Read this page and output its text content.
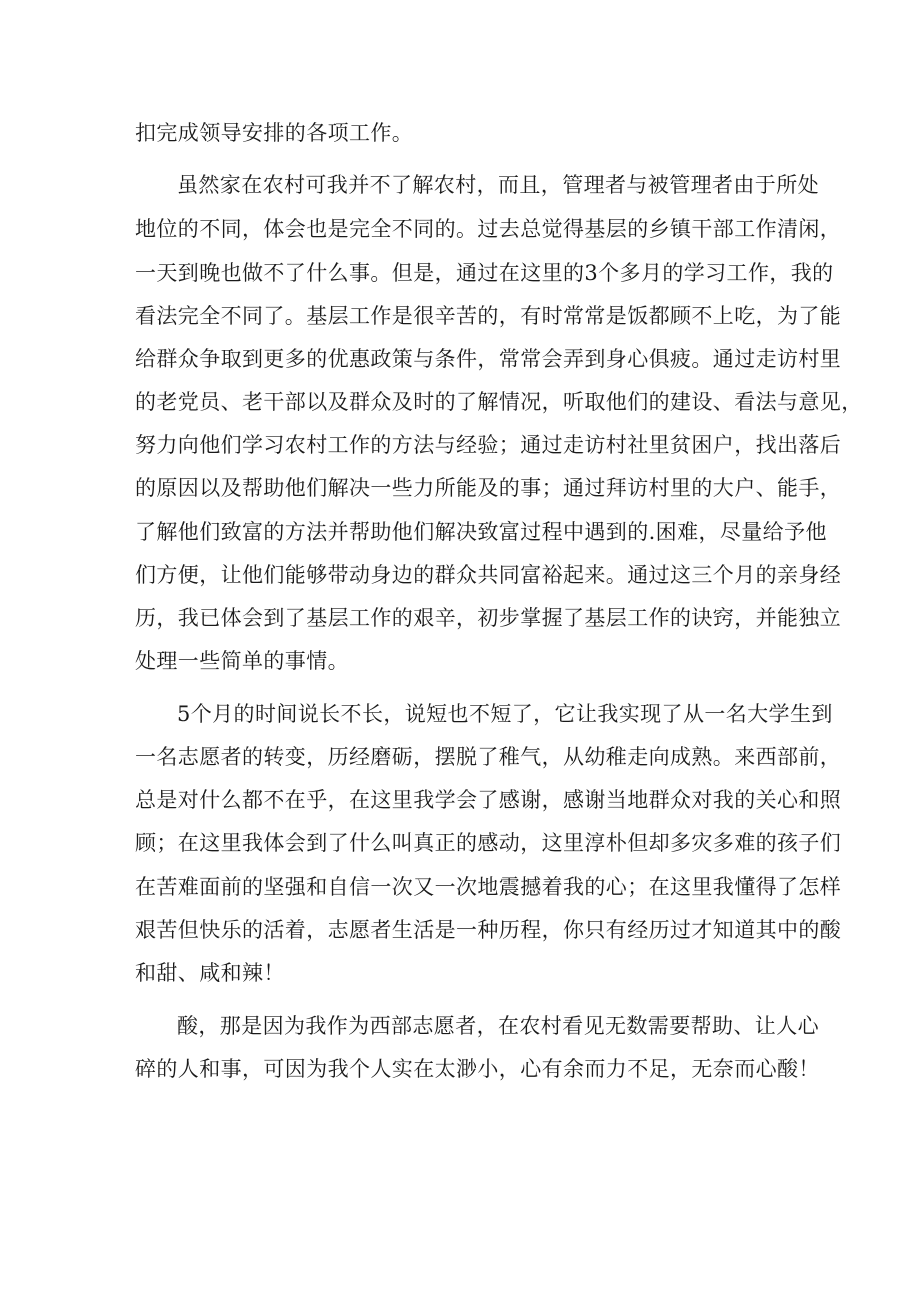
扣完成领导安排的各项工作。
虽然家在农村可我并不了解农村，而且，管理者与被管理者由于所处
地位的不同，体会也是完全不同的。过去总觉得基层的乡镇干部工作清闲，
一天到晚也做不了什么事。但是，通过在这里的3个多月的学习工作，我的
看法完全不同了。基层工作是很辛苦的，有时常常是饭都顾不上吃，为了能
给群众争取到更多的优惠政策与条件，常常会弄到身心俱疲。通过走访村里
的老党员、老干部以及群众及时的了解情况，听取他们的建设、看法与意见，
努力向他们学习农村工作的方法与经验；通过走访村社里贫困户，找出落后
的原因以及帮助他们解决一些力所能及的事；通过拜访村里的大户、能手，
了解他们致富的方法并帮助他们解决致富过程中遇到的.困难，尽量给予他
们方便，让他们能够带动身边的群众共同富裕起来。通过这三个月的亲身经
历，我已体会到了基层工作的艰辛，初步掌握了基层工作的诀窍，并能独立
处理一些简单的事情。
5个月的时间说长不长，说短也不短了，它让我实现了从一名大学生到
一名志愿者的转变，历经磨砺，摆脱了稚气，从幼稚走向成熟。来西部前，
总是对什么都不在乎，在这里我学会了感谢，感谢当地群众对我的关心和照
顾；在这里我体会到了什么叫真正的感动，这里淳朴但却多灾多难的孩子们
在苦难面前的坚强和自信一次又一次地震撼着我的心；在这里我懂得了怎样
艰苦但快乐的活着，志愿者生活是一种历程，你只有经历过才知道其中的酸
和甜、咸和辣！
酸，那是因为我作为西部志愿者，在农村看见无数需要帮助、让人心
碎的人和事，可因为我个人实在太渺小，心有余而力不足，无奈而心酸！
